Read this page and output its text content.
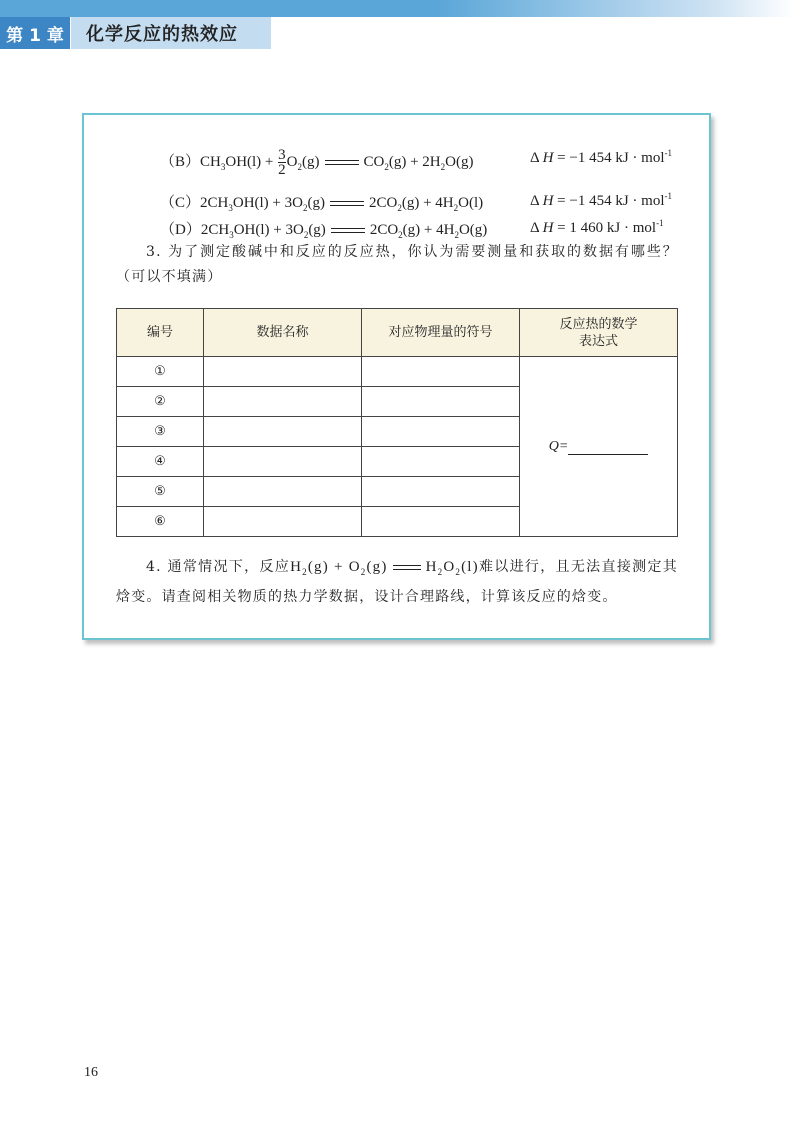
第 1 章	化学反应的热效应
$(B)CH_3OH(l) + \frac{3}{2} O_2(g)$	$CO_2(g) + 2H_2O(g)$	Δ H = −1 454 kJ · mol$^{-1}$
$(C)2CH_3OH(l) + 3O_2(g)$	$2CO_2(g) + 4H_2O(l)$	Δ H = −1 454 kJ · mol$^{-1}$
$(D)2CH_3OH(l) + 3O_2(g)$	$2CO_2(g) + 4H_2O(g)$	Δ H = 1 460 kJ · mol$^{-1}$
3. 为了测定酸碱中和反应的反应热，你认为需要测量和获取的数据有哪些？（可以不填满）
编号	数据名称	对应物理量的符号	反应热的数学表达式
①			Q=
②			
③			
④			
⑤			
⑥			
4. 通常情况下，反应$H_2(g) + O_2(g)$	$H_2O_2(l)$难以进行，且无法直接测定其焓变。请查阅相关物质的热力学数据，设计合理路线，计算该反应的焓变。
16
